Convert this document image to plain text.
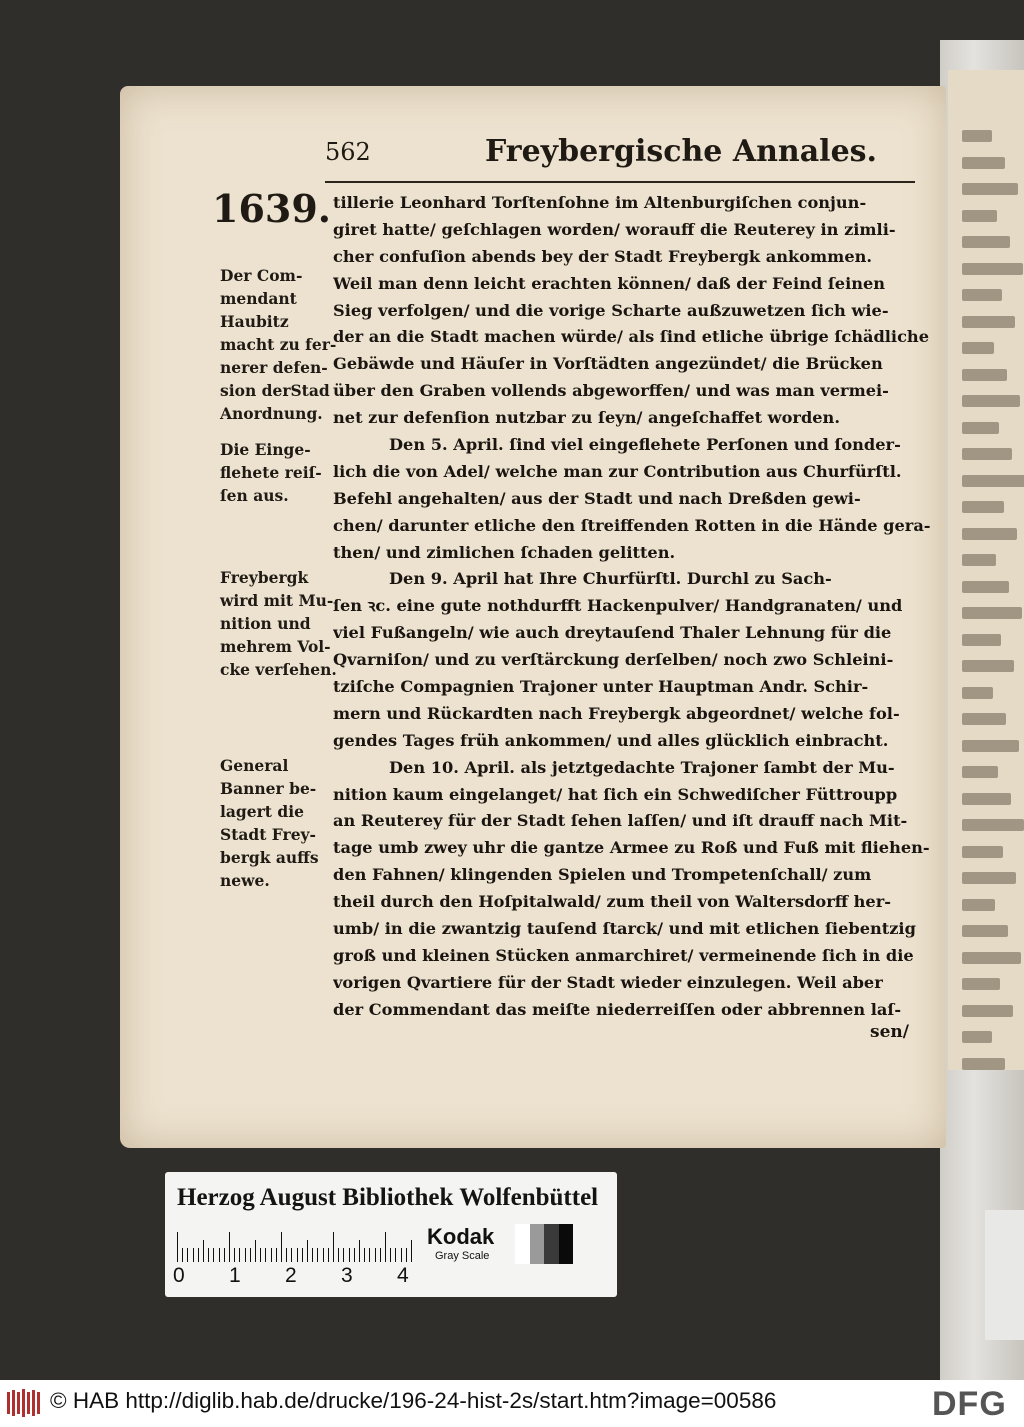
562	Freybergische Annales.
1639.
Der Com-
mendant
Haubitz
macht zu fer-
nerer defen-
sion derStad
Anordnung.
Die Einge-
flehete reiſ-
ſen aus.
Freybergk
wird mit Mu-
nition und
mehrem Vol-
cke verſehen.
General
Banner be-
lagert die
Stadt Frey-
bergk auffs
newe.
tillerie Leonhard Torſtenſohne im Altenburgiſchen conjun-
giret hatte/ geſchlagen worden/ worauff die Reuterey in zimli-
cher confuſion abends bey der Stadt Freybergk ankommen.
Weil man denn leicht erachten können/ daß der Feind ſeinen
Sieg verfolgen/ und die vorige Scharte außzuwetzen ſich wie-
der an die Stadt machen würde/ als ſind etliche übrige ſchädliche
Gebäwde und Häuſer in Vorſtädten angezündet/ die Brücken
über den Graben vollends abgeworffen/ und was man vermei-
net zur defenſion nutzbar zu ſeyn/ angeſchaffet worden.
Den 5. April. ſind viel eingeflehete Perſonen und ſonder-
lich die von Adel/ welche man zur Contribution aus Churfürſtl.
Befehl angehalten/ aus der Stadt und nach Dreßden gewi-
chen/ darunter etliche den ſtreiffenden Rotten in die Hände gera-
then/ und zimlichen ſchaden gelitten.
Den 9. April hat Ihre Churfürſtl. Durchl zu Sach-
ſen ꝛc. eine gute nothdurfft Hackenpulver/ Handgranaten/ und
viel Fußangeln/ wie auch dreytauſend Thaler Lehnung für die
Qvarniſon/ und zu verſtärckung derſelben/ noch zwo Schleini-
tziſche Compagnien Trajoner unter Hauptman Andr. Schir-
mern und Rückardten nach Freybergk abgeordnet/ welche fol-
gendes Tages früh ankommen/ und alles glücklich einbracht.
Den 10. April. als jetztgedachte Trajoner ſambt der Mu-
nition kaum eingelanget/ hat ſich ein Schwediſcher Füttroupp
an Reuterey für der Stadt ſehen laſſen/ und iſt drauff nach Mit-
tage umb zwey uhr die gantze Armee zu Roß und Fuß mit fliehen-
den Fahnen/ klingenden Spielen und Trompetenſchall/ zum
theil durch den Hoſpitalwald/ zum theil von Waltersdorff her-
umb/ in die zwantzig tauſend ſtarck/ und mit etlichen ſiebentzig
groß und kleinen Stücken anmarchiret/ vermeinende ſich in die
vorigen Qvartiere für der Stadt wieder einzulegen. Weil aber
der Commendant das meiſte niederreiſſen oder abbrennen laſ-
sen/
Herzog August Bibliothek Wolfenbüttel
0 1 2 3 4
Kodak
Gray Scale
© HAB http://diglib.hab.de/drucke/196-24-hist-2s/start.htm?image=00586	DFG
